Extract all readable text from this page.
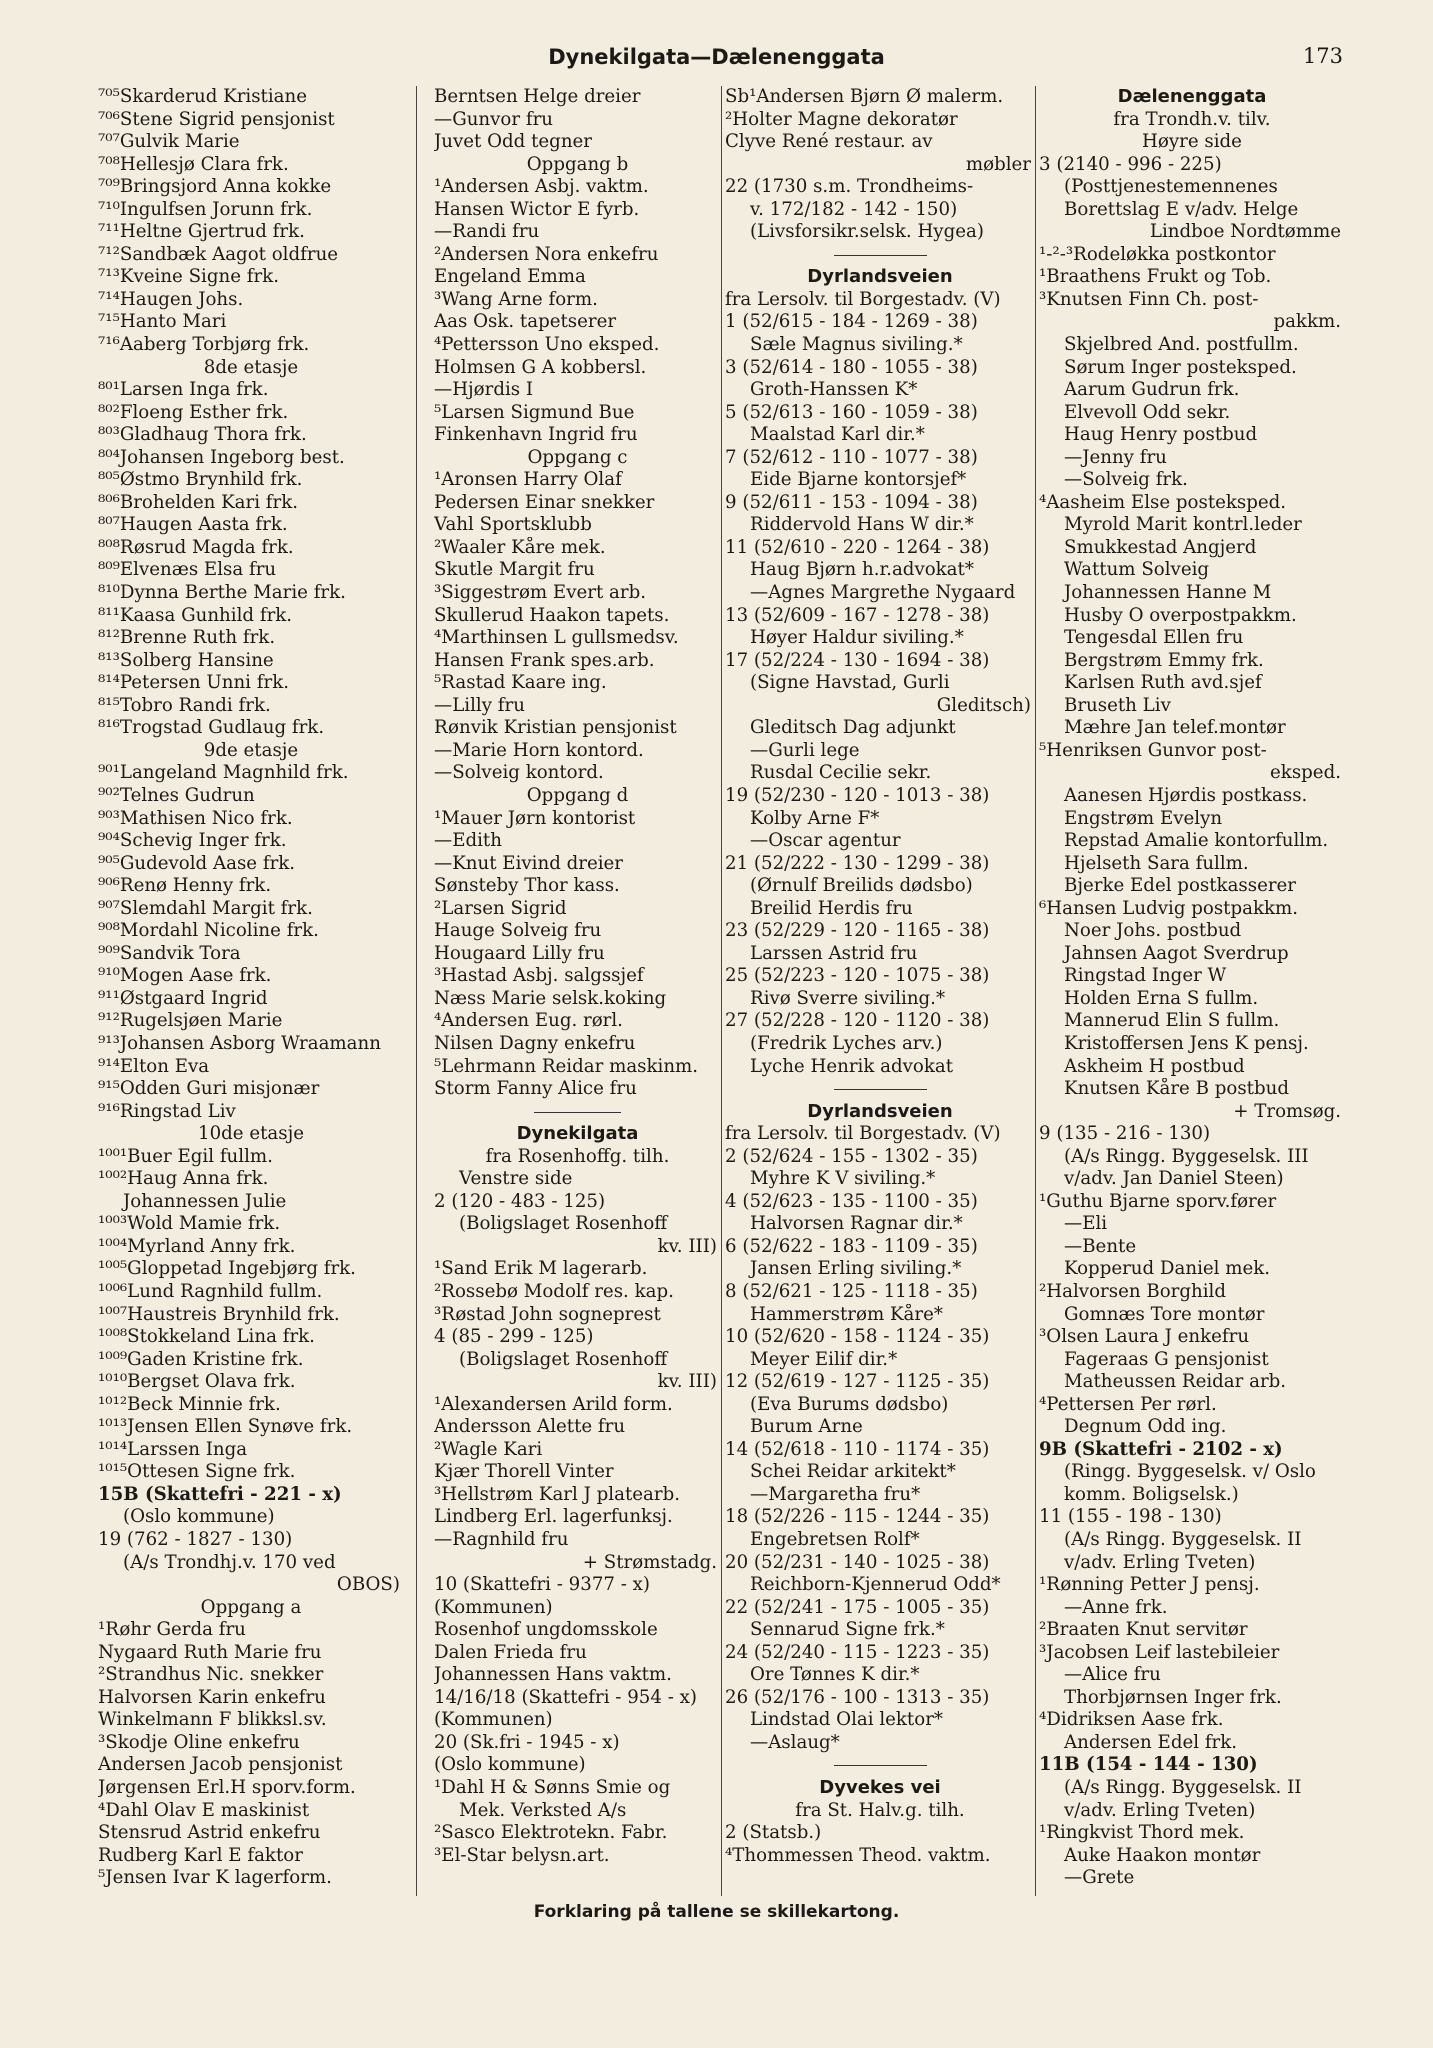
Dynekilgata—Dælenenggata	173
⁷⁰⁵Skarderud Kristiane
⁷⁰⁶Stene Sigrid pensjonist
⁷⁰⁷Gulvik Marie
⁷⁰⁸Hellesjø Clara frk.
⁷⁰⁹Bringsjord Anna kokke
⁷¹⁰Ingulfsen Jorunn frk.
⁷¹¹Heltne Gjertrud frk.
⁷¹²Sandbæk Aagot oldfrue
⁷¹³Kveine Signe frk.
⁷¹⁴Haugen Johs.
⁷¹⁵Hanto Mari
⁷¹⁶Aaberg Torbjørg frk.
8de etasje
⁸⁰¹Larsen Inga frk.
⁸⁰²Floeng Esther frk.
⁸⁰³Gladhaug Thora frk.
⁸⁰⁴Johansen Ingeborg best.
⁸⁰⁵Østmo Brynhild frk.
⁸⁰⁶Brohelden Kari frk.
⁸⁰⁷Haugen Aasta frk.
⁸⁰⁸Røsrud Magda frk.
⁸⁰⁹Elvenæs Elsa fru
⁸¹⁰Dynna Berthe Marie frk.
⁸¹¹Kaasa Gunhild frk.
⁸¹²Brenne Ruth frk.
⁸¹³Solberg Hansine
⁸¹⁴Petersen Unni frk.
⁸¹⁵Tobro Randi frk.
⁸¹⁶Trogstad Gudlaug frk.
9de etasje
⁹⁰¹Langeland Magnhild frk.
⁹⁰²Telnes Gudrun
⁹⁰³Mathisen Nico frk.
⁹⁰⁴Schevig Inger frk.
⁹⁰⁵Gudevold Aase frk.
⁹⁰⁶Renø Henny frk.
⁹⁰⁷Slemdahl Margit frk.
⁹⁰⁸Mordahl Nicoline frk.
⁹⁰⁹Sandvik Tora
⁹¹⁰Mogen Aase frk.
⁹¹¹Østgaard Ingrid
⁹¹²Rugelsjøen Marie
⁹¹³Johansen Asborg Wraamann
⁹¹⁴Elton Eva
⁹¹⁵Odden Guri misjonær
⁹¹⁶Ringstad Liv
10de etasje
¹⁰⁰¹Buer Egil fullm.
¹⁰⁰²Haug Anna frk.
Johannessen Julie
¹⁰⁰³Wold Mamie frk.
¹⁰⁰⁴Myrland Anny frk.
¹⁰⁰⁵Gloppetad Ingebjørg frk.
¹⁰⁰⁶Lund Ragnhild fullm.
¹⁰⁰⁷Haustreis Brynhild frk.
¹⁰⁰⁸Stokkeland Lina frk.
¹⁰⁰⁹Gaden Kristine frk.
¹⁰¹⁰Bergset Olava frk.
¹⁰¹²Beck Minnie frk.
¹⁰¹³Jensen Ellen Synøve frk.
¹⁰¹⁴Larssen Inga
¹⁰¹⁵Ottesen Signe frk.
15B (Skattefri - 221 - x)
(Oslo kommune)
19 (762 - 1827 - 130)
(A/s Trondhj.v. 170 ved
OBOS)
Oppgang a
¹Røhr Gerda fru
Nygaard Ruth Marie fru
²Strandhus Nic. snekker
Halvorsen Karin enkefru
Winkelmann F blikksl.sv.
³Skodje Oline enkefru
Andersen Jacob pensjonist
Jørgensen Erl.H sporv.form.
⁴Dahl Olav E maskinist
Stensrud Astrid enkefru
Rudberg Karl E faktor
⁵Jensen Ivar K lagerform.
Berntsen Helge dreier
—Gunvor fru
Juvet Odd tegner
Oppgang b
¹Andersen Asbj. vaktm.
Hansen Wictor E fyrb.
—Randi fru
²Andersen Nora enkefru
Engeland Emma
³Wang Arne form.
Aas Osk. tapetserer
⁴Pettersson Uno eksped.
Holmsen G A kobbersl.
—Hjørdis I
⁵Larsen Sigmund Bue
Finkenhavn Ingrid fru
Oppgang c
¹Aronsen Harry Olaf
Pedersen Einar snekker
Vahl Sportsklubb
²Waaler Kåre mek.
Skutle Margit fru
³Siggestrøm Evert arb.
Skullerud Haakon tapets.
⁴Marthinsen L gullsmedsv.
Hansen Frank spes.arb.
⁵Rastad Kaare ing.
—Lilly fru
Rønvik Kristian pensjonist
—Marie Horn kontord.
—Solveig kontord.
Oppgang d
¹Mauer Jørn kontorist
—Edith
—Knut Eivind dreier
Sønsteby Thor kass.
²Larsen Sigrid
Hauge Solveig fru
Hougaard Lilly fru
³Hastad Asbj. salgssjef
Næss Marie selsk.koking
⁴Andersen Eug. rørl.
Nilsen Dagny enkefru
⁵Lehrmann Reidar maskinm.
Storm Fanny Alice fru
Dynekilgata
fra Rosenhoffg. tilh.
Venstre side
2 (120 - 483 - 125)
(Boligslaget Rosenhoff
kv. III)
¹Sand Erik M lagerarb.
²Rossebø Modolf res. kap.
³Røstad John sogneprest
4 (85 - 299 - 125)
(Boligslaget Rosenhoff
kv. III)
¹Alexandersen Arild form.
Andersson Alette fru
²Wagle Kari
Kjær Thorell Vinter
³Hellstrøm Karl J platearb.
Lindberg Erl. lagerfunksj.
—Ragnhild fru
+ Strømstadg.
10 (Skattefri - 9377 - x)
(Kommunen)
Rosenhof ungdomsskole
Dalen Frieda fru
Johannessen Hans vaktm.
14/16/18 (Skattefri - 954 - x)
(Kommunen)
20 (Sk.fri - 1945 - x)
(Oslo kommune)
¹Dahl H & Sønns Smie og
Mek. Verksted A/s
²Sasco Elektrotekn. Fabr.
³El-Star belysn.art.
Sb¹Andersen Bjørn Ø malerm.
²Holter Magne dekoratør
Clyve René restaur. av
møbler
22 (1730 s.m. Trondheims-
v. 172/182 - 142 - 150)
(Livsforsikr.selsk. Hygea)
Dyrlandsveien
fra Lersolv. til Borgestadv. (V)
1 (52/615 - 184 - 1269 - 38)
Sæle Magnus siviling.*
3 (52/614 - 180 - 1055 - 38)
Groth-Hanssen K*
5 (52/613 - 160 - 1059 - 38)
Maalstad Karl dir.*
7 (52/612 - 110 - 1077 - 38)
Eide Bjarne kontorsjef*
9 (52/611 - 153 - 1094 - 38)
Riddervold Hans W dir.*
11 (52/610 - 220 - 1264 - 38)
Haug Bjørn h.r.advokat*
—Agnes Margrethe Nygaard
13 (52/609 - 167 - 1278 - 38)
Høyer Haldur siviling.*
17 (52/224 - 130 - 1694 - 38)
(Signe Havstad, Gurli
Gleditsch)
Gleditsch Dag adjunkt
—Gurli lege
Rusdal Cecilie sekr.
19 (52/230 - 120 - 1013 - 38)
Kolby Arne F*
—Oscar agentur
21 (52/222 - 130 - 1299 - 38)
(Ørnulf Breilids dødsbo)
Breilid Herdis fru
23 (52/229 - 120 - 1165 - 38)
Larssen Astrid fru
25 (52/223 - 120 - 1075 - 38)
Rivø Sverre siviling.*
27 (52/228 - 120 - 1120 - 38)
(Fredrik Lyches arv.)
Lyche Henrik advokat
Dyrlandsveien
fra Lersolv. til Borgestadv. (V)
2 (52/624 - 155 - 1302 - 35)
Myhre K V siviling.*
4 (52/623 - 135 - 1100 - 35)
Halvorsen Ragnar dir.*
6 (52/622 - 183 - 1109 - 35)
Jansen Erling siviling.*
8 (52/621 - 125 - 1118 - 35)
Hammerstrøm Kåre*
10 (52/620 - 158 - 1124 - 35)
Meyer Eilif dir.*
12 (52/619 - 127 - 1125 - 35)
(Eva Burums dødsbo)
Burum Arne
14 (52/618 - 110 - 1174 - 35)
Schei Reidar arkitekt*
—Margaretha fru*
18 (52/226 - 115 - 1244 - 35)
Engebretsen Rolf*
20 (52/231 - 140 - 1025 - 38)
Reichborn-Kjennerud Odd*
22 (52/241 - 175 - 1005 - 35)
Sennarud Signe frk.*
24 (52/240 - 115 - 1223 - 35)
Ore Tønnes K dir.*
26 (52/176 - 100 - 1313 - 35)
Lindstad Olai lektor*
—Aslaug*
Dyvekes vei
fra St. Halv.g. tilh.
2 (Statsb.)
⁴Thommessen Theod. vaktm.
Dælenenggata
fra Trondh.v. tilv.
Høyre side
3 (2140 - 996 - 225)
(Posttjenestemennenes
Borettslag E v/adv. Helge
Lindboe Nordtømme
¹-²-³Rodeløkka postkontor
¹Braathens Frukt og Tob.
³Knutsen Finn Ch. post-
pakkm.
Skjelbred And. postfullm.
Sørum Inger posteksped.
Aarum Gudrun frk.
Elvevoll Odd sekr.
Haug Henry postbud
—Jenny fru
—Solveig frk.
⁴Aasheim Else posteksped.
Myrold Marit kontrl.leder
Smukkestad Angjerd
Wattum Solveig
Johannessen Hanne M
Husby O overpostpakkm.
Tengesdal Ellen fru
Bergstrøm Emmy frk.
Karlsen Ruth avd.sjef
Bruseth Liv
Mæhre Jan telef.montør
⁵Henriksen Gunvor post-
eksped.
Aanesen Hjørdis postkass.
Engstrøm Evelyn
Repstad Amalie kontorfullm.
Hjelseth Sara fullm.
Bjerke Edel postkasserer
⁶Hansen Ludvig postpakkm.
Noer Johs. postbud
Jahnsen Aagot Sverdrup
Ringstad Inger W
Holden Erna S fullm.
Mannerud Elin S fullm.
Kristoffersen Jens K pensj.
Askheim H postbud
Knutsen Kåre B postbud
+ Tromsøg.
9 (135 - 216 - 130)
(A/s Ringg. Byggeselsk. III
v/adv. Jan Daniel Steen)
¹Guthu Bjarne sporv.fører
—Eli
—Bente
Kopperud Daniel mek.
²Halvorsen Borghild
Gomnæs Tore montør
³Olsen Laura J enkefru
Fageraas G pensjonist
Matheussen Reidar arb.
⁴Pettersen Per rørl.
Degnum Odd ing.
9B (Skattefri - 2102 - x)
(Ringg. Byggeselsk. v/ Oslo
komm. Boligselsk.)
11 (155 - 198 - 130)
(A/s Ringg. Byggeselsk. II
v/adv. Erling Tveten)
¹Rønning Petter J pensj.
—Anne frk.
²Braaten Knut servitør
³Jacobsen Leif lastebileier
—Alice fru
Thorbjørnsen Inger frk.
⁴Didriksen Aase frk.
Andersen Edel frk.
11B (154 - 144 - 130)
(A/s Ringg. Byggeselsk. II
v/adv. Erling Tveten)
¹Ringkvist Thord mek.
Auke Haakon montør
—Grete
Forklaring på tallene se skillekartong.
